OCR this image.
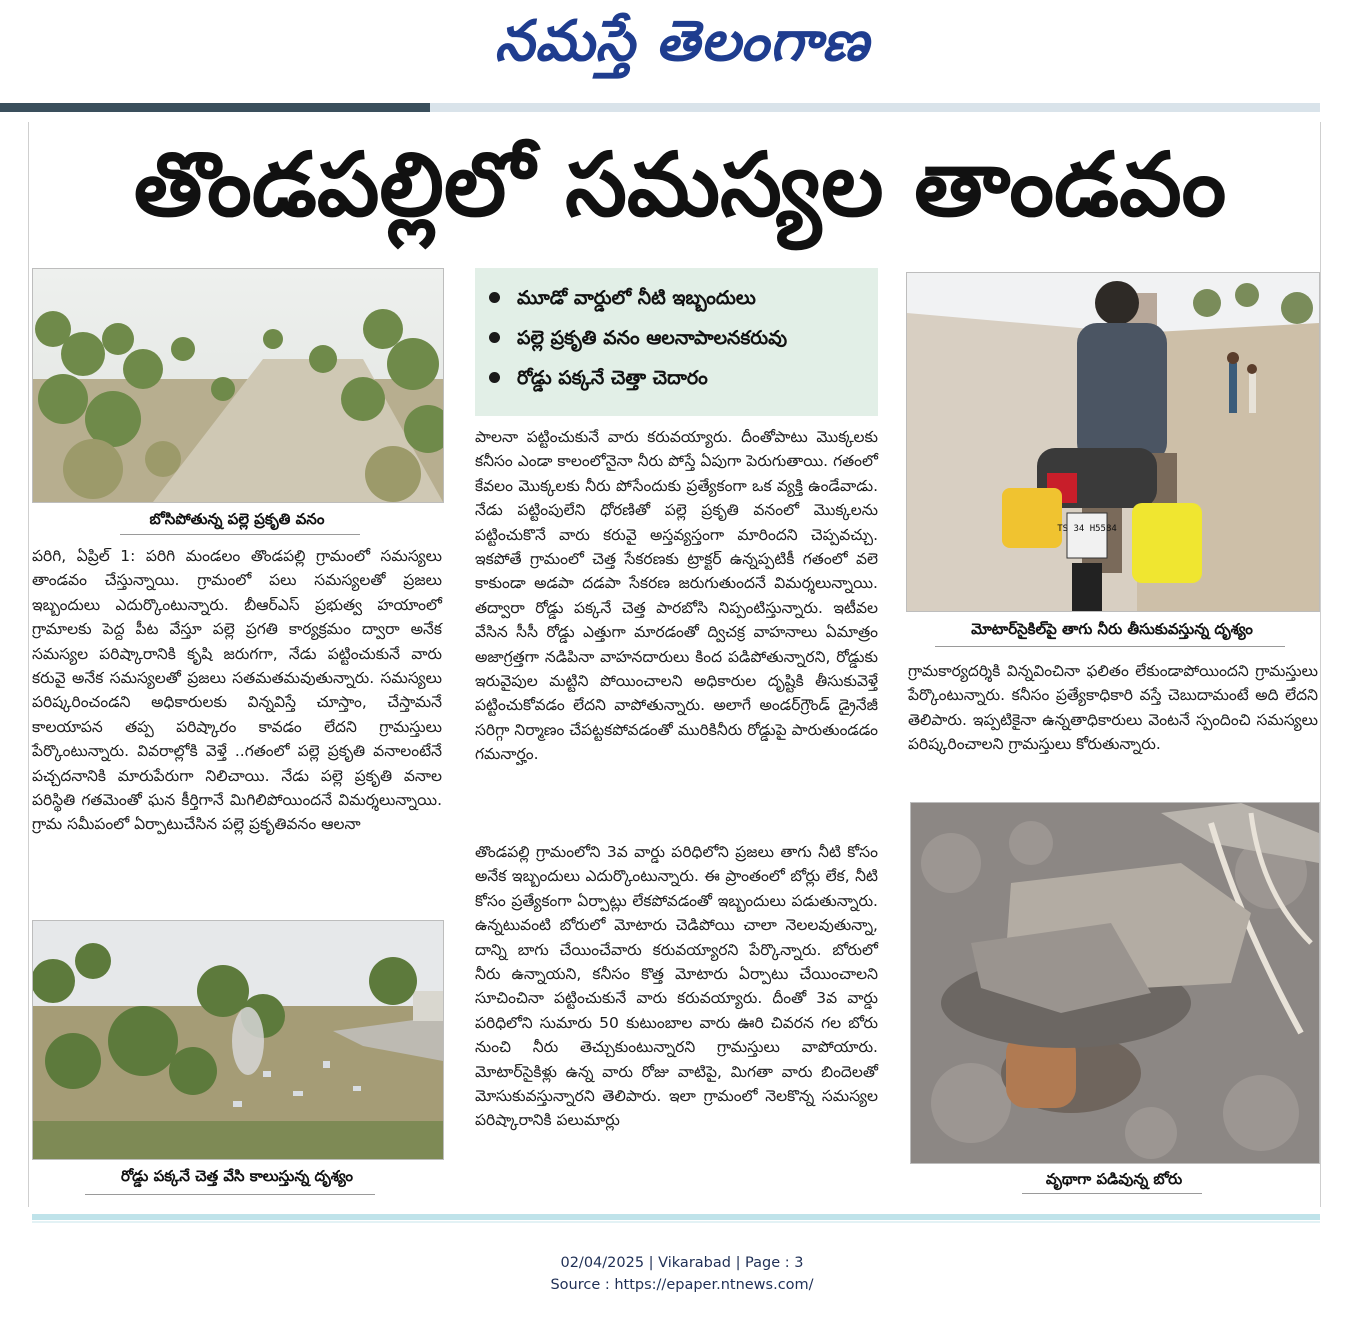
నమస్తే తెలంగాణ
తొండపల్లిలో సమస్యల తాండవం
బోసిపోతున్న పల్లె ప్రకృతి వనం

పరిగి, ఏప్రిల్ 1: పరిగి మండలం తొండపల్లి గ్రామంలో సమస్యలు తాండవం చేస్తున్నాయి. గ్రామంలో పలు సమస్యలతో ప్రజలు ఇబ్బందులు ఎదుర్కొంటున్నారు. బీఆర్ఎస్ ప్రభుత్వ హయాంలో గ్రామాలకు పెద్ద పీట వేస్తూ పల్లె ప్రగతి కార్యక్రమం ద్వారా అనేక సమస్యల పరిష్కారానికి కృషి జరుగగా, నేడు పట్టించుకునే వారు కరువై అనేక సమస్యలతో ప్రజలు సతమతమవుతున్నారు. సమస్యలు పరిష్కరించండని అధికారులకు విన్నవిస్తే చూస్తాం, చేస్తామనే కాలయాపన తప్ప పరిష్కారం కావడం లేదని గ్రామస్తులు పేర్కొంటున్నారు. వివరాల్లోకి వెళ్తే ..గతంలో పల్లె ప్రకృతి వనాలంటేనే పచ్చదనానికి మారుపేరుగా నిలిచాయి. నేడు పల్లె ప్రకృతి వనాల పరిస్థితి గతమెంతో ఘన కీర్తిగానే మిగిలిపోయిందనే విమర్శలున్నాయి. గ్రామ సమీపంలో ఏర్పాటుచేసిన పల్లె ప్రకృతివనం ఆలనా

రోడ్డు పక్కనే చెత్త వేసి కాలుస్తున్న దృశ్యం
మూడో వార్డులో నీటి ఇబ్బందులు
పల్లె ప్రకృతి వనం ఆలనాపాలనకరువు
రోడ్డు పక్కనే చెత్తా చెదారం

పాలనా పట్టించుకునే వారు కరువయ్యారు. దీంతోపాటు మొక్కలకు కనీసం ఎండా కాలంలోనైనా నీరు పోస్తే ఏపుగా పెరుగుతాయి. గతంలో కేవలం మొక్కలకు నీరు పోసేందుకు ప్రత్యేకంగా ఒక వ్యక్తి ఉండేవాడు. నేడు పట్టింపులేని ధోరణితో పల్లె ప్రకృతి వనంలో మొక్కలను పట్టించుకొనే వారు కరువై అస్తవ్యస్తంగా మారిందని చెప్పవచ్చు. ఇకపోతే గ్రామంలో చెత్త సేకరణకు ట్రాక్టర్ ఉన్నప్పటికీ గతంలో వలె కాకుండా అడపా దడపా సేకరణ జరుగుతుందనే విమర్శలున్నాయి. తద్వారా రోడ్డు పక్కనే చెత్త పారబోసి నిప్పంటిస్తున్నారు. ఇటీవల వేసిన సీసీ రోడ్డు ఎత్తుగా మారడంతో ద్విచక్ర వాహనాలు ఏమాత్రం అజాగ్రత్తగా నడిపినా వాహనదారులు కింద పడిపోతున్నారని, రోడ్డుకు ఇరువైపుల మట్టిని పోయించాలని అధికారుల దృష్టికి తీసుకువెళ్తే పట్టించుకోవడం లేదని వాపోతున్నారు. అలాగే అండర్‌గ్రౌండ్ డ్రైనేజీ సరిగ్గా నిర్మాణం చేపట్టకపోవడంతో మురికినీరు రోడ్డుపై పారుతుండడం గమనార్హం.

తొండపల్లి గ్రామంలోని 3వ వార్డు పరిధిలోని ప్రజలు తాగు నీటి కోసం అనేక ఇబ్బందులు ఎదుర్కొంటున్నారు. ఈ ప్రాంతంలో బోర్లు లేక, నీటి కోసం ప్రత్యేకంగా ఏర్పాట్లు లేకపోవడంతో ఇబ్బందులు పడుతున్నారు. ఉన్నటువంటి బోరులో మోటారు చెడిపోయి చాలా నెలలవుతున్నా, దాన్ని బాగు చేయించేవారు కరువయ్యారని పేర్కొన్నారు. బోరులో నీరు ఉన్నాయని, కనీసం కొత్త మోటారు ఏర్పాటు చేయించాలని సూచించినా పట్టించుకునే వారు కరువయ్యారు. దీంతో 3వ వార్డు పరిధిలోని సుమారు 50 కుటుంబాల వారు ఊరి చివరన గల బోరు నుంచి నీరు తెచ్చుకుంటున్నారని గ్రామస్తులు వాపోయారు. మోటార్‌సైకిళ్లు ఉన్న వారు రోజు వాటిపై, మిగతా వారు బిందెలతో మోసుకువస్తున్నారని తెలిపారు. ఇలా గ్రామంలో నెలకొన్న సమస్యల పరిష్కారానికి పలుమార్లు

TS 34 H5584
మోటార్‌సైకిల్‌పై తాగు నీరు తీసుకువస్తున్న దృశ్యం

గ్రామకార్యదర్శికి విన్నవించినా ఫలితం లేకుండాపోయిందని గ్రామస్తులు పేర్కొంటున్నారు. కనీసం ప్రత్యేకాధికారి వస్తే చెబుదామంటే అది లేదని తెలిపారు. ఇప్పటికైనా ఉన్నతాధికారులు వెంటనే స్పందించి సమస్యలు పరిష్కరించాలని గ్రామస్తులు కోరుతున్నారు.

వృథాగా పడివున్న బోరు
02/04/2025 | Vikarabad | Page : 3
Source : https://epaper.ntnews.com/
